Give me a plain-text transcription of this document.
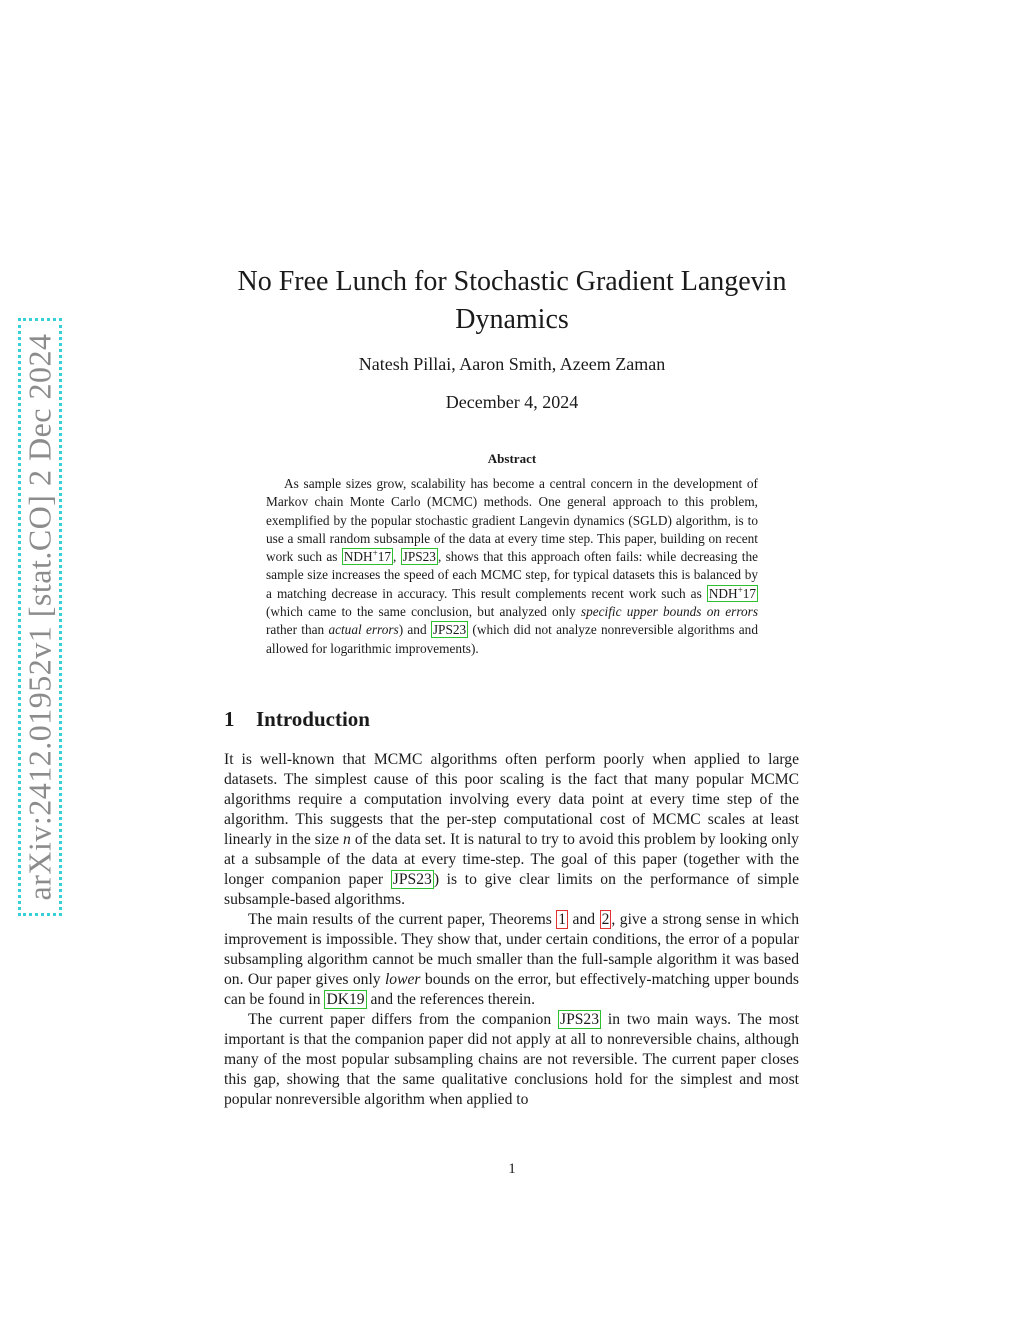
arXiv:2412.01952v1 [stat.CO] 2 Dec 2024
No Free Lunch for Stochastic Gradient Langevin Dynamics
Natesh Pillai, Aaron Smith, Azeem Zaman
December 4, 2024
Abstract

As sample sizes grow, scalability has become a central concern in the development of Markov chain Monte Carlo (MCMC) methods. One general approach to this problem, exemplified by the popular stochastic gradient Langevin dynamics (SGLD) algorithm, is to use a small random subsample of the data at every time step. This paper, building on recent work such as NDH+17 , JPS23 , shows that this approach often fails: while decreasing the sample size increases the speed of each MCMC step, for typical datasets this is balanced by a matching decrease in accuracy. This result complements recent work such as NDH+17 (which came to the same conclusion, but analyzed only specific upper bounds on errors rather than actual errors) and JPS23 (which did not analyze nonreversible algorithms and allowed for logarithmic improvements).

1 Introduction

It is well-known that MCMC algorithms often perform poorly when applied to large datasets. The simplest cause of this poor scaling is the fact that many popular MCMC algorithms require a computation involving every data point at every time step of the algorithm. This suggests that the per-step computational cost of MCMC scales at least linearly in the size n of the data set. It is natural to try to avoid this problem by looking only at a subsample of the data at every time-step. The goal of this paper (together with the longer companion paper JPS23 ) is to give clear limits on the performance of simple subsample-based algorithms.

The main results of the current paper, Theorems 1 and 2 , give a strong sense in which improvement is impossible. They show that, under certain conditions, the error of a popular subsampling algorithm cannot be much smaller than the full-sample algorithm it was based on. Our paper gives only lower bounds on the error, but effectively-matching upper bounds can be found in DK19 and the references therein.

The current paper differs from the companion JPS23 in two main ways. The most important is that the companion paper did not apply at all to nonreversible chains, although many of the most popular subsampling chains are not reversible. The current paper closes this gap, showing that the same qualitative conclusions hold for the simplest and most popular nonreversible algorithm when applied to

1
